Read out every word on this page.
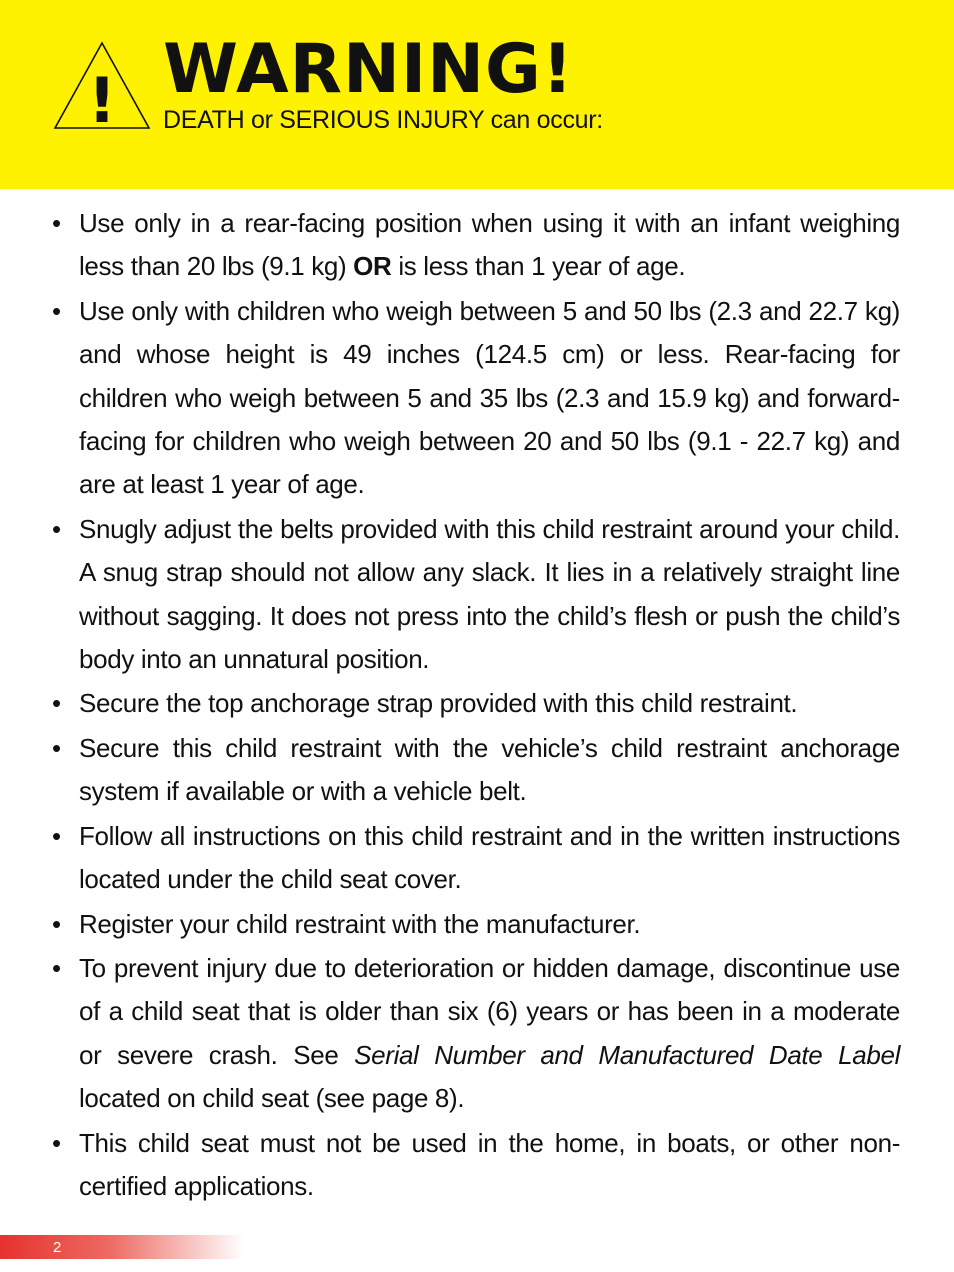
! WARNING!

DEATH or SERIOUS INJURY can occur:

• Use only in a rear-facing position when using it with an infant weighing less than 20 lbs (9.1 kg) OR is less than 1 year of age.
• Use only with children who weigh between 5 and 50 lbs (2.3 and 22.7 kg) and whose height is 49 inches (124.5 cm) or less. Rear-facing for children who weigh between 5 and 35 lbs (2.3 and 15.9 kg) and forward-facing for children who weigh between 20 and 50 lbs (9.1 - 22.7 kg) and are at least 1 year of age.
• Snugly adjust the belts provided with this child restraint around your child. A snug strap should not allow any slack. It lies in a relatively straight line without sagging. It does not press into the child’s flesh or push the child’s body into an unnatural position.
• Secure the top anchorage strap provided with this child restraint.
• Secure this child restraint with the vehicle’s child restraint anchorage system if available or with a vehicle belt.
• Follow all instructions on this child restraint and in the written instructions located under the child seat cover.
• Register your child restraint with the manufacturer.
• To prevent injury due to deterioration or hidden damage, discontinue use of a child seat that is older than six (6) years or has been in a moderate or severe crash. See Serial Number and Manufactured Date Label located on child seat (see page 8).
• This child seat must not be used in the home, in boats, or other non-certified applications.
2
